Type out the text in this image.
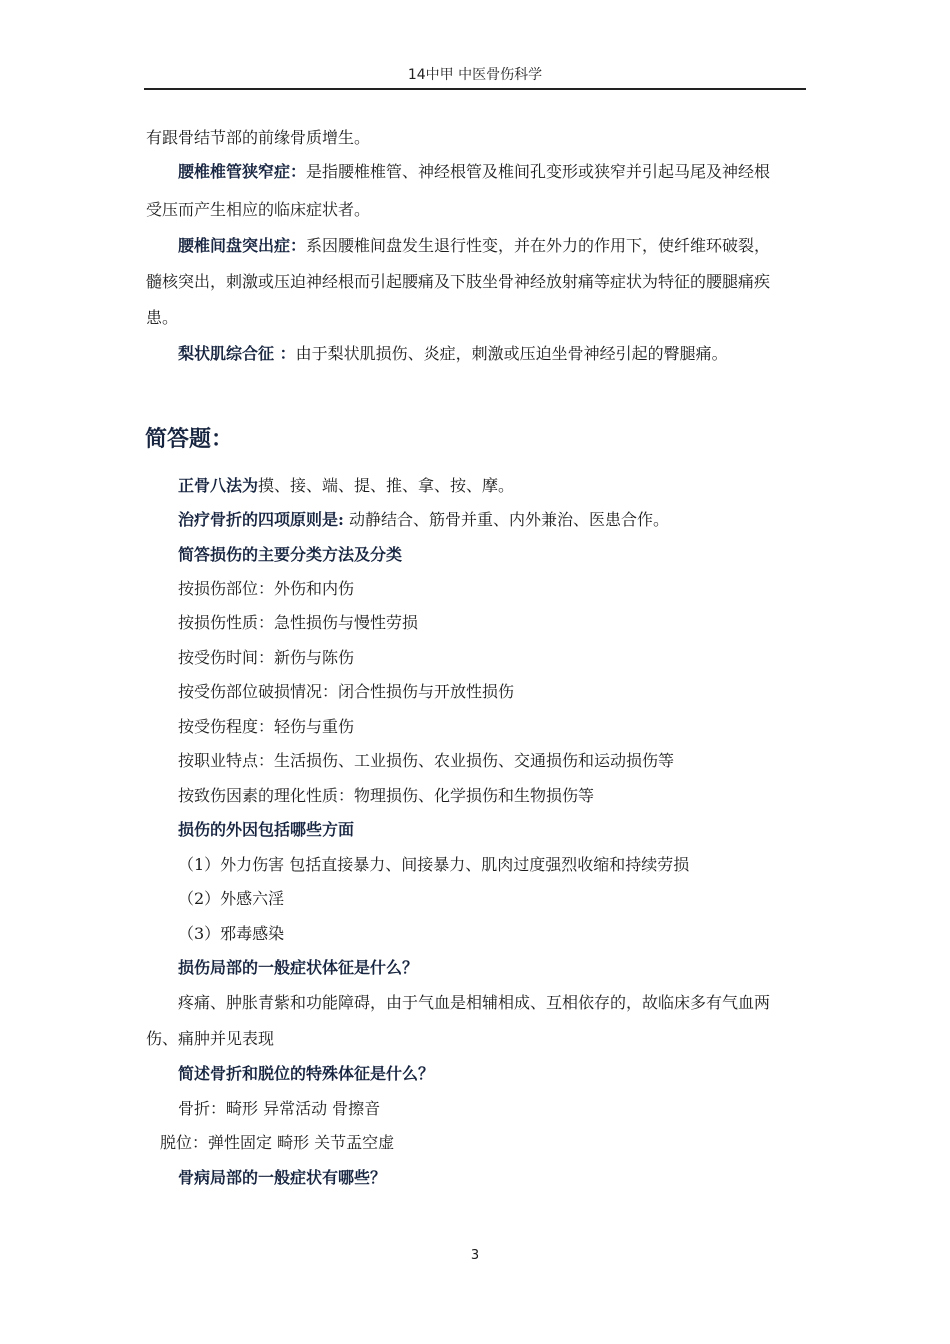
14中甲 中医骨伤科学
有跟骨结节部的前缘骨质增生。
腰椎椎管狭窄症：是指腰椎椎管、神经根管及椎间孔变形或狭窄并引起马尾及神经根
受压而产生相应的临床症状者。
腰椎间盘突出症：系因腰椎间盘发生退行性变，并在外力的作用下，使纤维环破裂，
髓核突出，刺激或压迫神经根而引起腰痛及下肢坐骨神经放射痛等症状为特征的腰腿痛疾
患。
梨状肌综合征 ：由于梨状肌损伤、炎症，刺激或压迫坐骨神经引起的臀腿痛。
简答题：
正骨八法为摸、接、端、提、推、拿、按、摩。
治疗骨折的四项原则是: 动静结合、筋骨并重、内外兼治、医患合作。
简答损伤的主要分类方法及分类
按损伤部位：外伤和内伤
按损伤性质：急性损伤与慢性劳损
按受伤时间：新伤与陈伤
按受伤部位破损情况：闭合性损伤与开放性损伤
按受伤程度：轻伤与重伤
按职业特点：生活损伤、工业损伤、农业损伤、交通损伤和运动损伤等
按致伤因素的理化性质：物理损伤、化学损伤和生物损伤等
损伤的外因包括哪些方面
（1）外力伤害 包括直接暴力、间接暴力、肌肉过度强烈收缩和持续劳损
（2）外感六淫
（3）邪毒感染
损伤局部的一般症状体征是什么？
疼痛、肿胀青紫和功能障碍，由于气血是相辅相成、互相依存的，故临床多有气血两
伤、痛肿并见表现
简述骨折和脱位的特殊体征是什么？
骨折：畸形 异常活动 骨擦音
脱位：弹性固定 畸形 关节盂空虚
骨病局部的一般症状有哪些？
3
